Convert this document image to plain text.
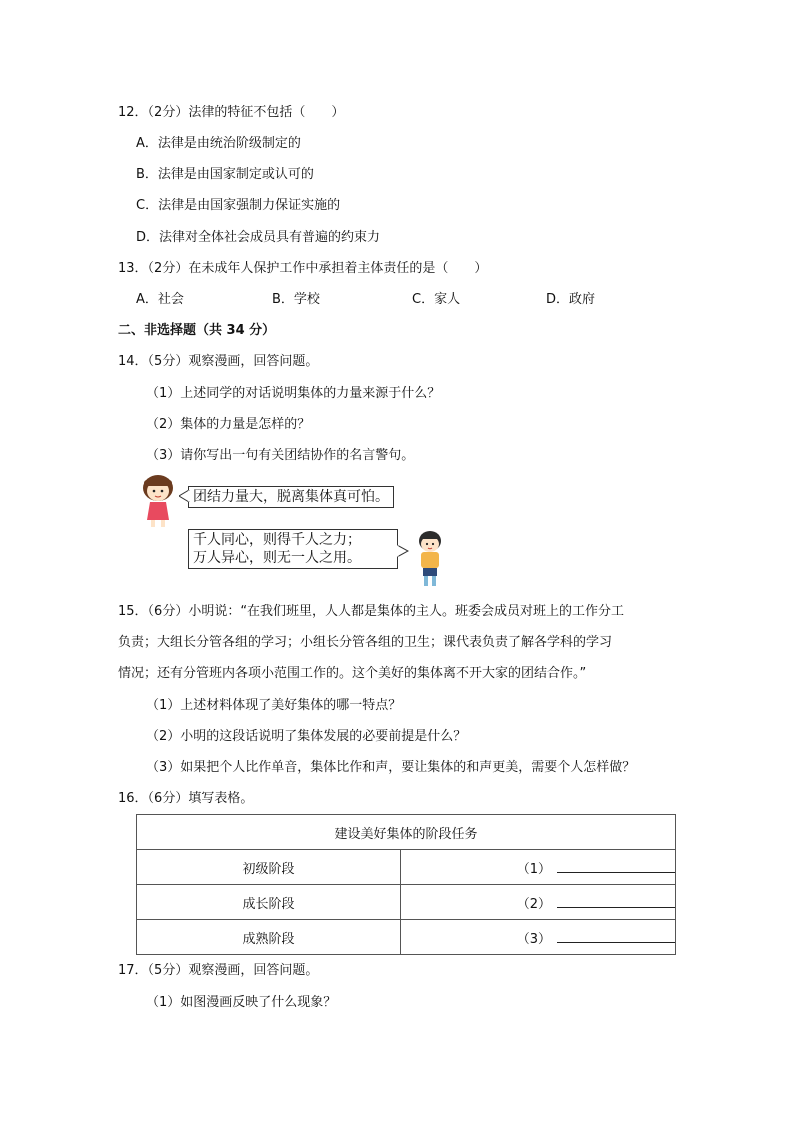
12．（2分）法律的特征不包括（　　）
A．法律是由统治阶级制定的
B．法律是由国家制定或认可的
C．法律是由国家强制力保证实施的
D．法律对全体社会成员具有普遍的约束力
13．（2分）在未成年人保护工作中承担着主体责任的是（　　）
A．社会	B．学校	C．家人	D．政府
二、非选择题（共 34 分）
14．（5分）观察漫画，回答问题。
（1）上述同学的对话说明集体的力量来源于什么？
（2）集体的力量是怎样的？
（3）请你写出一句有关团结协作的名言警句。
团结力量大，脱离集体真可怕。
千人同心，则得千人之力；
万人异心，则无一人之用。
15．（6分）小明说：“在我们班里，人人都是集体的主人。班委会成员对班上的工作分工
负责；大组长分管各组的学习；小组长分管各组的卫生；课代表负责了解各学科的学习
情况；还有分管班内各项小范围工作的。这个美好的集体离不开大家的团结合作。”
（1）上述材料体现了美好集体的哪一特点？
（2）小明的这段话说明了集体发展的必要前提是什么？
（3）如果把个人比作单音，集体比作和声，要让集体的和声更美，需要个人怎样做？
16．（6分）填写表格。
建设美好集体的阶段任务	
初级阶段	（1）
成长阶段	（2）
成熟阶段	（3）
17．（5分）观察漫画，回答问题。
（1）如图漫画反映了什么现象？
